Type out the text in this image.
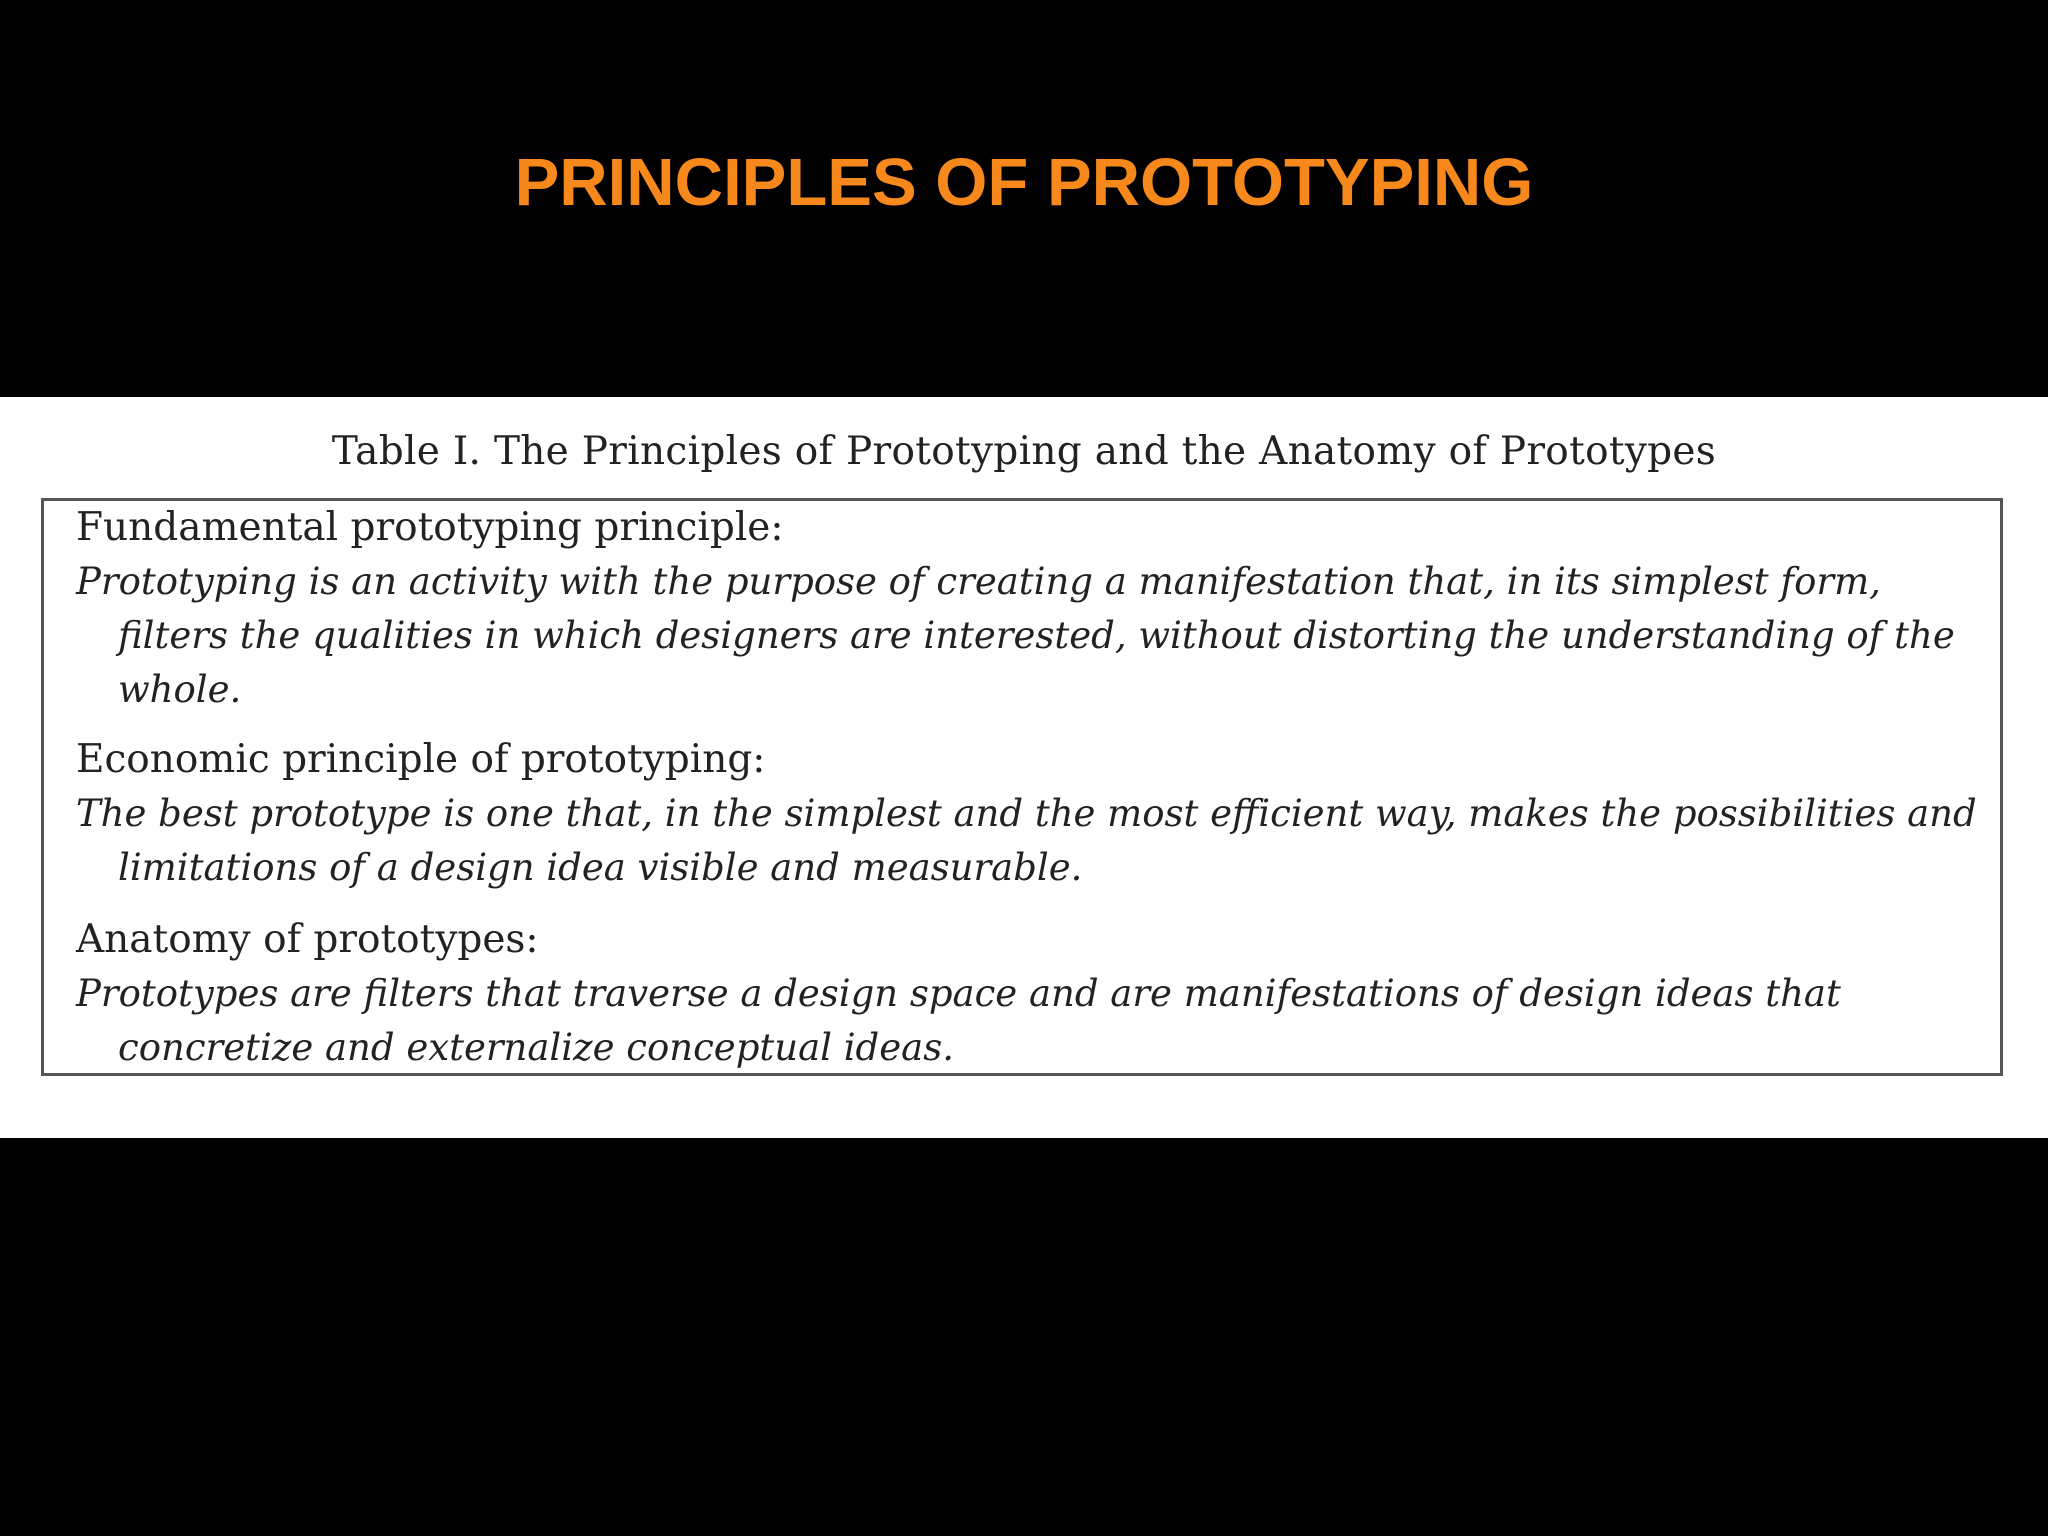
PRINCIPLES OF PROTOTYPING
Table I. The Principles of Prototyping and the Anatomy of Prototypes

Fundamental prototyping principle:

Prototyping is an activity with the purpose of creating a manifestation that, in its simplest form, filters the qualities in which designers are interested, without distorting the understanding of the whole.

Economic principle of prototyping:

The best prototype is one that, in the simplest and the most efficient way, makes the possibilities and limitations of a design idea visible and measurable.

Anatomy of prototypes:

Prototypes are filters that traverse a design space and are manifestations of design ideas that concretize and externalize conceptual ideas.
